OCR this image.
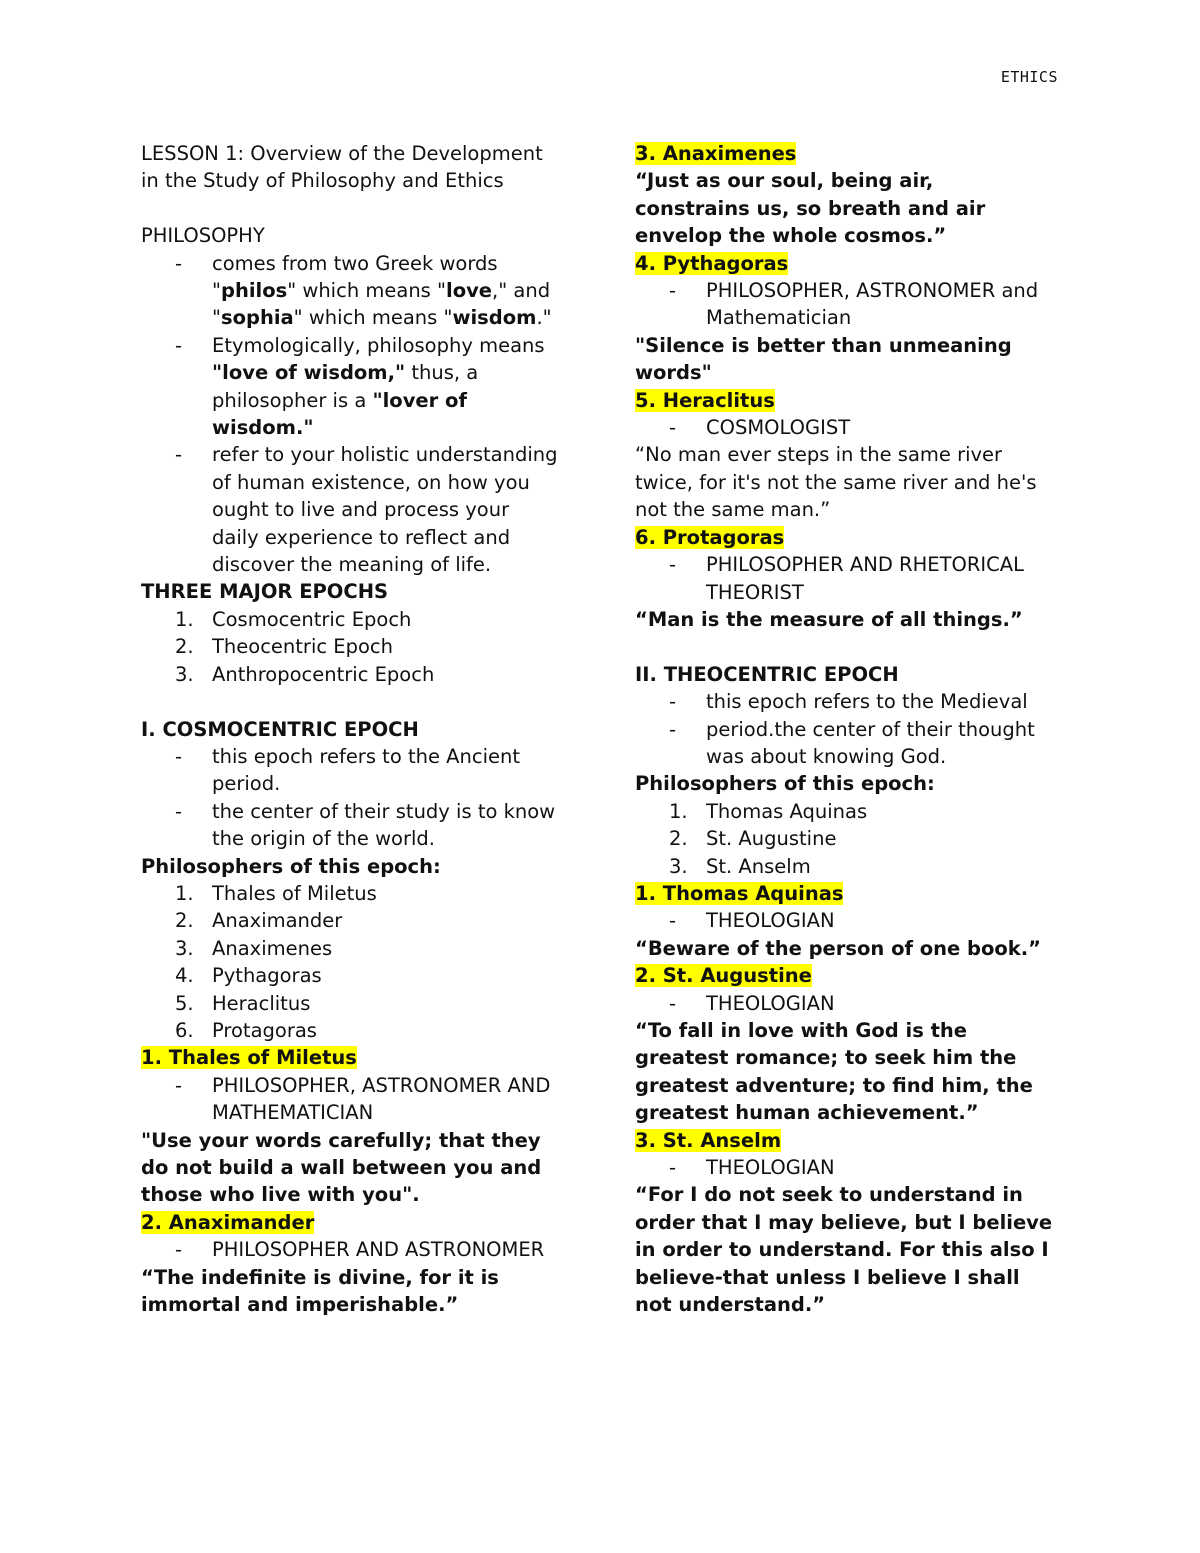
ETHICS
LESSON 1: Overview of the Development
in the Study of Philosophy and Ethics
PHILOSOPHY
-	comes from two Greek words
"philos" which means "love," and
"sophia" which means "wisdom."
-	Etymologically, philosophy means
"love of wisdom," thus, a
philosopher is a "lover of
wisdom."
-	refer to your holistic understanding
of human existence, on how you
ought to live and process your
daily experience to reflect and
discover the meaning of life.
THREE MAJOR EPOCHS
1. Cosmocentric Epoch
2. Theocentric Epoch
3. Anthropocentric Epoch
I. COSMOCENTRIC EPOCH
-	this epoch refers to the Ancient
period.
-	the center of their study is to know
the origin of the world.
Philosophers of this epoch:
1. Thales of Miletus
2. Anaximander
3. Anaximenes
4. Pythagoras
5. Heraclitus
6. Protagoras
1. Thales of Miletus
-	PHILOSOPHER, ASTRONOMER AND
MATHEMATICIAN
"Use your words carefully; that they
do not build a wall between you and
those who live with you".
2. Anaximander
-	PHILOSOPHER AND ASTRONOMER
“The indefinite is divine, for it is
immortal and imperishable.”
3. Anaximenes
“Just as our soul, being air,
constrains us, so breath and air
envelop the whole cosmos.”
4. Pythagoras
-	PHILOSOPHER, ASTRONOMER and
Mathematician
"Silence is better than unmeaning
words"
5. Heraclitus
-	COSMOLOGIST
“No man ever steps in the same river
twice, for it's not the same river and he's
not the same man.”
6. Protagoras
-	PHILOSOPHER AND RHETORICAL
THEORIST
“Man is the measure of all things.”
II. THEOCENTRIC EPOCH
-	this epoch refers to the Medieval
-	period.the center of their thought
was about knowing God.
Philosophers of this epoch:
1. Thomas Aquinas
2. St. Augustine
3. St. Anselm
1. Thomas Aquinas
-	THEOLOGIAN
“Beware of the person of one book.”
2. St. Augustine
-	THEOLOGIAN
“To fall in love with God is the
greatest romance; to seek him the
greatest adventure; to find him, the
greatest human achievement.”
3. St. Anselm
-	THEOLOGIAN
“For I do not seek to understand in
order that I may believe, but I believe
in order to understand. For this also I
believe-that unless I believe I shall
not understand.”
